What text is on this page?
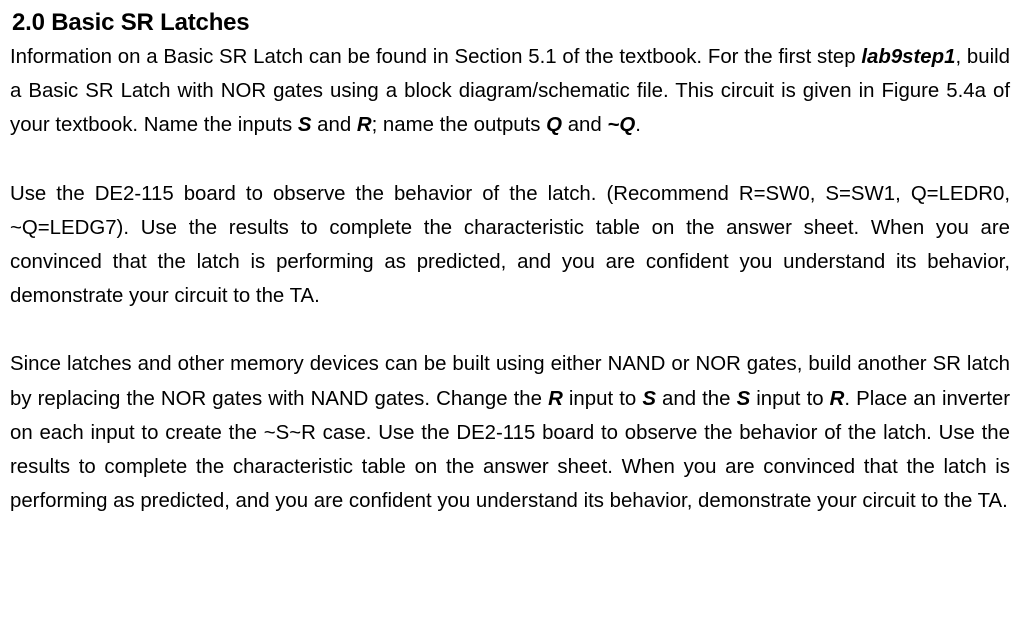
2.0 Basic SR Latches

Information on a Basic SR Latch can be found in Section 5.1 of the textbook. For the first step lab9step1, build a Basic SR Latch with NOR gates using a block diagram/schematic file. This circuit is given in Figure 5.4a of your textbook. Name the inputs S and R; name the outputs Q and ~Q.

Use the DE2-115 board to observe the behavior of the latch. (Recommend R=SW0, S=SW1, Q=LEDR0, ~Q=LEDG7). Use the results to complete the characteristic table on the answer sheet. When you are convinced that the latch is performing as predicted, and you are confident you understand its behavior, demonstrate your circuit to the TA.

Since latches and other memory devices can be built using either NAND or NOR gates, build another SR latch by replacing the NOR gates with NAND gates. Change the R input to S and the S input to R. Place an inverter on each input to create the ~S~R case. Use the DE2-115 board to observe the behavior of the latch. Use the results to complete the characteristic table on the answer sheet. When you are convinced that the latch is performing as predicted, and you are confident you understand its behavior, demonstrate your circuit to the TA.
